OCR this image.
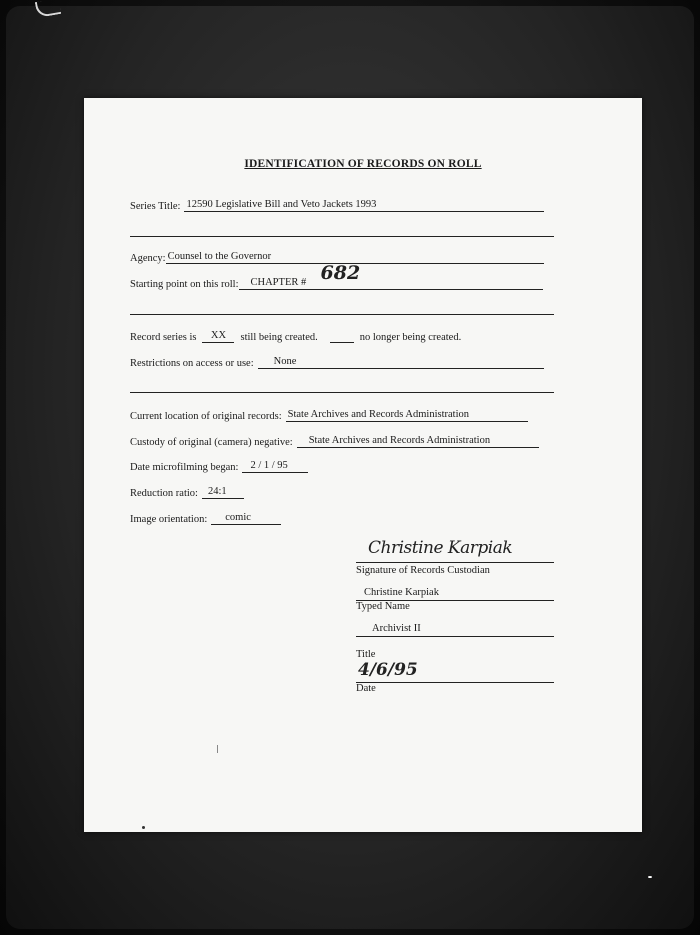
IDENTIFICATION OF RECORDS ON ROLL
Series Title: 12590 Legislative Bill and Veto Jackets 1993
Agency: Counsel to the Governor
Starting point on this roll:	CHAPTER # 682
Record series is	XX	still being created.	no longer being created.
Restrictions on access or use:	None
Current location of original records: State Archives and Records Administration
Custody of original (camera) negative:	State Archives and Records Administration
Date microfilming began:	2 / 1 / 95
Reduction ratio: 24:1
Image orientation:	comic
Christine Karpiak
Signature of Records Custodian
Christine Karpiak
Typed Name
Archivist II
Title
4/6/95
Date
